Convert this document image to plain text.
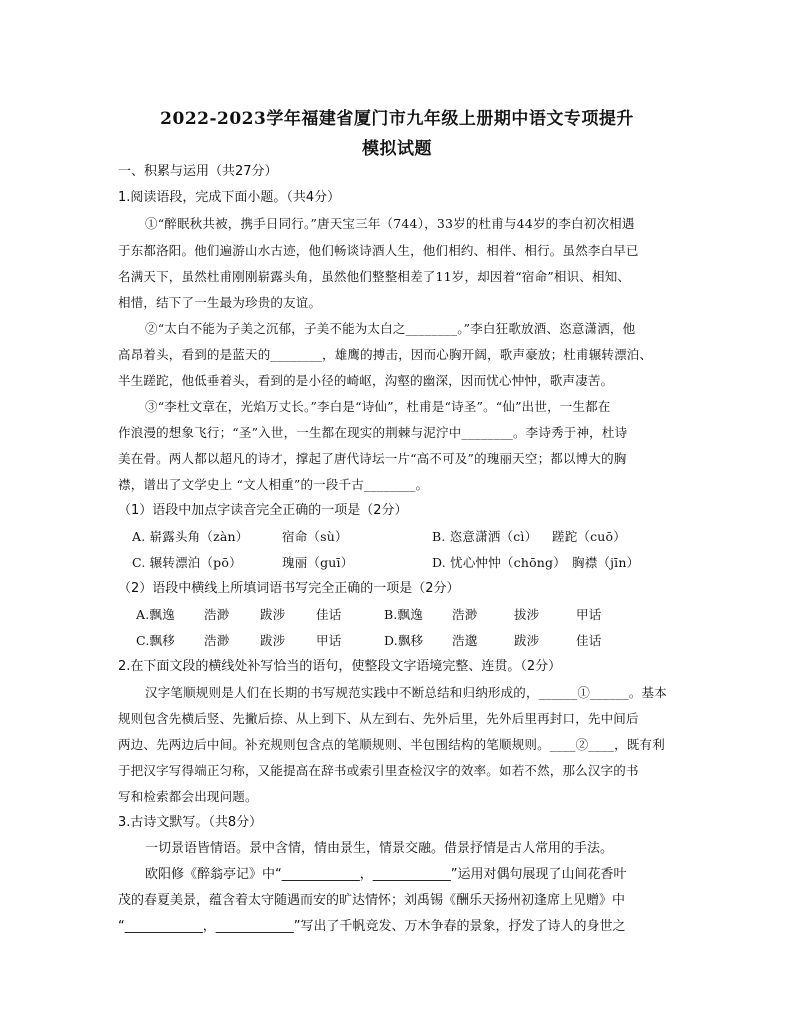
2022-2023学年福建省厦门市九年级上册期中语文专项提升
模拟试题
一、积累与运用（共27分）
1.阅读语段，完成下面小题。（共4分）
①“醉眠秋共被，携手日同行。”唐天宝三年（744），33岁的杜甫与44岁的李白初次相遇
于东都洛阳。他们遍游山水古迹，他们畅谈诗酒人生，他们相约、相伴、相行。虽然李白早已
名满天下，虽然杜甫刚刚崭露头角，虽然他们整整相差了11岁，却因着“宿命”相识、相知、
相惜，结下了一生最为珍贵的友谊。
②“太白不能为子美之沉郁，子美不能为太白之________。”李白狂歌放酒、恣意潇洒，他
高昂着头，看到的是蓝天的________，雄鹰的搏击，因而心胸开阔，歌声豪放；杜甫辗转漂泊、
半生蹉跎，他低垂着头，看到的是小径的崎岖，沟壑的幽深，因而忧心忡忡，歌声凄苦。
③“李杜文章在，光焰万丈长。”李白是“诗仙”，杜甫是“诗圣”。“仙”出世，一生都在
作浪漫的想象飞行；“圣”入世，一生都在现实的荆棘与泥泞中________。李诗秀于神，杜诗
美在骨。两人都以超凡的诗才，撑起了唐代诗坛一片“高不可及”的瑰丽天空；都以博大的胸
襟，谱出了文学史上 “文人相重”的一段千古________。
（1）语段中加点字读音完全正确的一项是（2分）
A. 崭露头角（zàn）	宿命（sù）	B. 恣意潇洒（cì） 蹉跎（cuō）
C. 辗转漂泊（pō）	瑰丽（guī）	D. 忧心忡忡（chōng） 胸襟（jīn）
（2）语段中横线上所填词语书写完全正确的一项是（2分）
A.飘逸 浩渺 跋涉 佳话	B.飘逸 浩渺	拔涉	甲话
C.飘移 浩渺 跋涉 甲话	D.飘移 浩邈	跋涉	佳话
2.在下面文段的横线处补写恰当的语句，使整段文字语境完整、连贯。（2分）
汉字笔顺规则是人们在长期的书写规范实践中不断总结和归纳形成的，______①______。基本
规则包含先横后竖、先撇后捺、从上到下、从左到右、先外后里，先外后里再封口，先中间后
两边、先两边后中间。补充规则包含点的笔顺规则、半包围结构的笔顺规则。____②____，既有利
于把汉字写得端正匀称，又能提高在辞书或索引里查检汉字的效率。如若不然，那么汉字的书
写和检索都会出现问题。
3.古诗文默写。（共8分）
一切景语皆情语。景中含情，情由景生，情景交融。借景抒情是古人常用的手法。
欧阳修《醉翁亭记》中“____________，____________”运用对偶句展现了山间花香叶
茂的春夏美景，蕴含着太守随遇而安的旷达情怀；刘禹锡《酬乐天扬州初逢席上见赠》中
“____________，____________”写出了千帆竞发、万木争春的景象，抒发了诗人的身世之
